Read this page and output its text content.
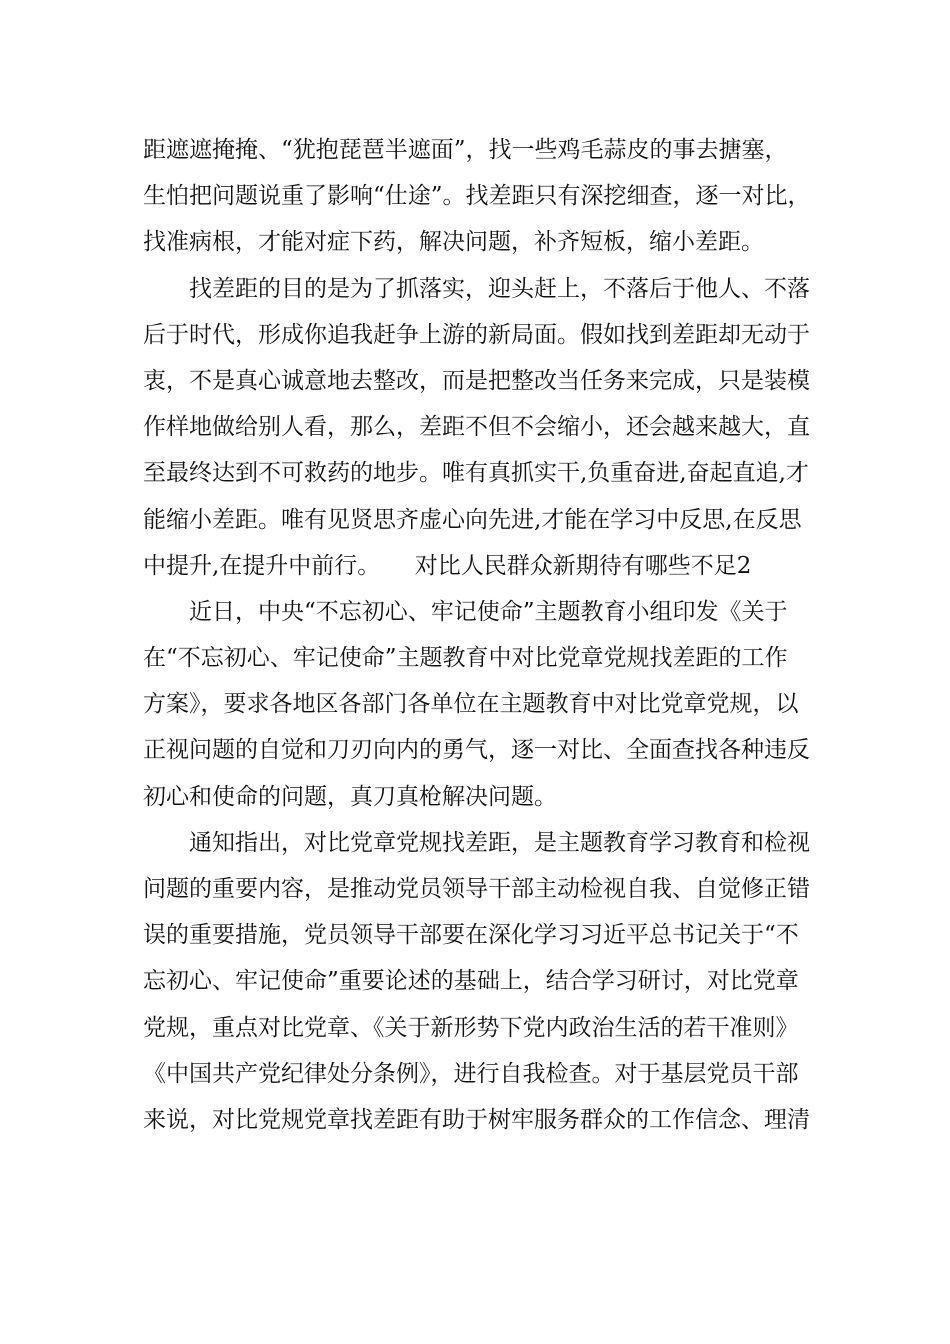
距遮遮掩掩、“犹抱琵琶半遮面”，找一些鸡毛蒜皮的事去搪塞，
生怕把问题说重了影响“仕途”。找差距只有深挖细查，逐一对比，
找准病根，才能对症下药，解决问题，补齐短板，缩小差距。
　　找差距的目的是为了抓落实，迎头赶上，不落后于他人、不落
后于时代，形成你追我赶争上游的新局面。假如找到差距却无动于
衷，不是真心诚意地去整改，而是把整改当任务来完成，只是装模
作样地做给别人看，那么，差距不但不会缩小，还会越来越大，直
至最终达到不可救药的地步。唯有真抓实干,负重奋进,奋起直追,才
能缩小差距。唯有见贤思齐虚心向先进,才能在学习中反思,在反思
中提升,在提升中前行。　　对比人民群众新期待有哪些不足2
　　近日，中央“不忘初心、牢记使命”主题教育小组印发《关于
在“不忘初心、牢记使命”主题教育中对比党章党规找差距的工作
方案》，要求各地区各部门各单位在主题教育中对比党章党规，以
正视问题的自觉和刀刃向内的勇气，逐一对比、全面查找各种违反
初心和使命的问题，真刀真枪解决问题。
　　通知指出，对比党章党规找差距，是主题教育学习教育和检视
问题的重要内容，是推动党员领导干部主动检视自我、自觉修正错
误的重要措施，党员领导干部要在深化学习习近平总书记关于“不
忘初心、牢记使命”重要论述的基础上，结合学习研讨，对比党章
党规，重点对比党章、《关于新形势下党内政治生活的若干准则》
《中国共产党纪律处分条例》，进行自我检查。对于基层党员干部
来说，对比党规党章找差距有助于树牢服务群众的工作信念、理清
